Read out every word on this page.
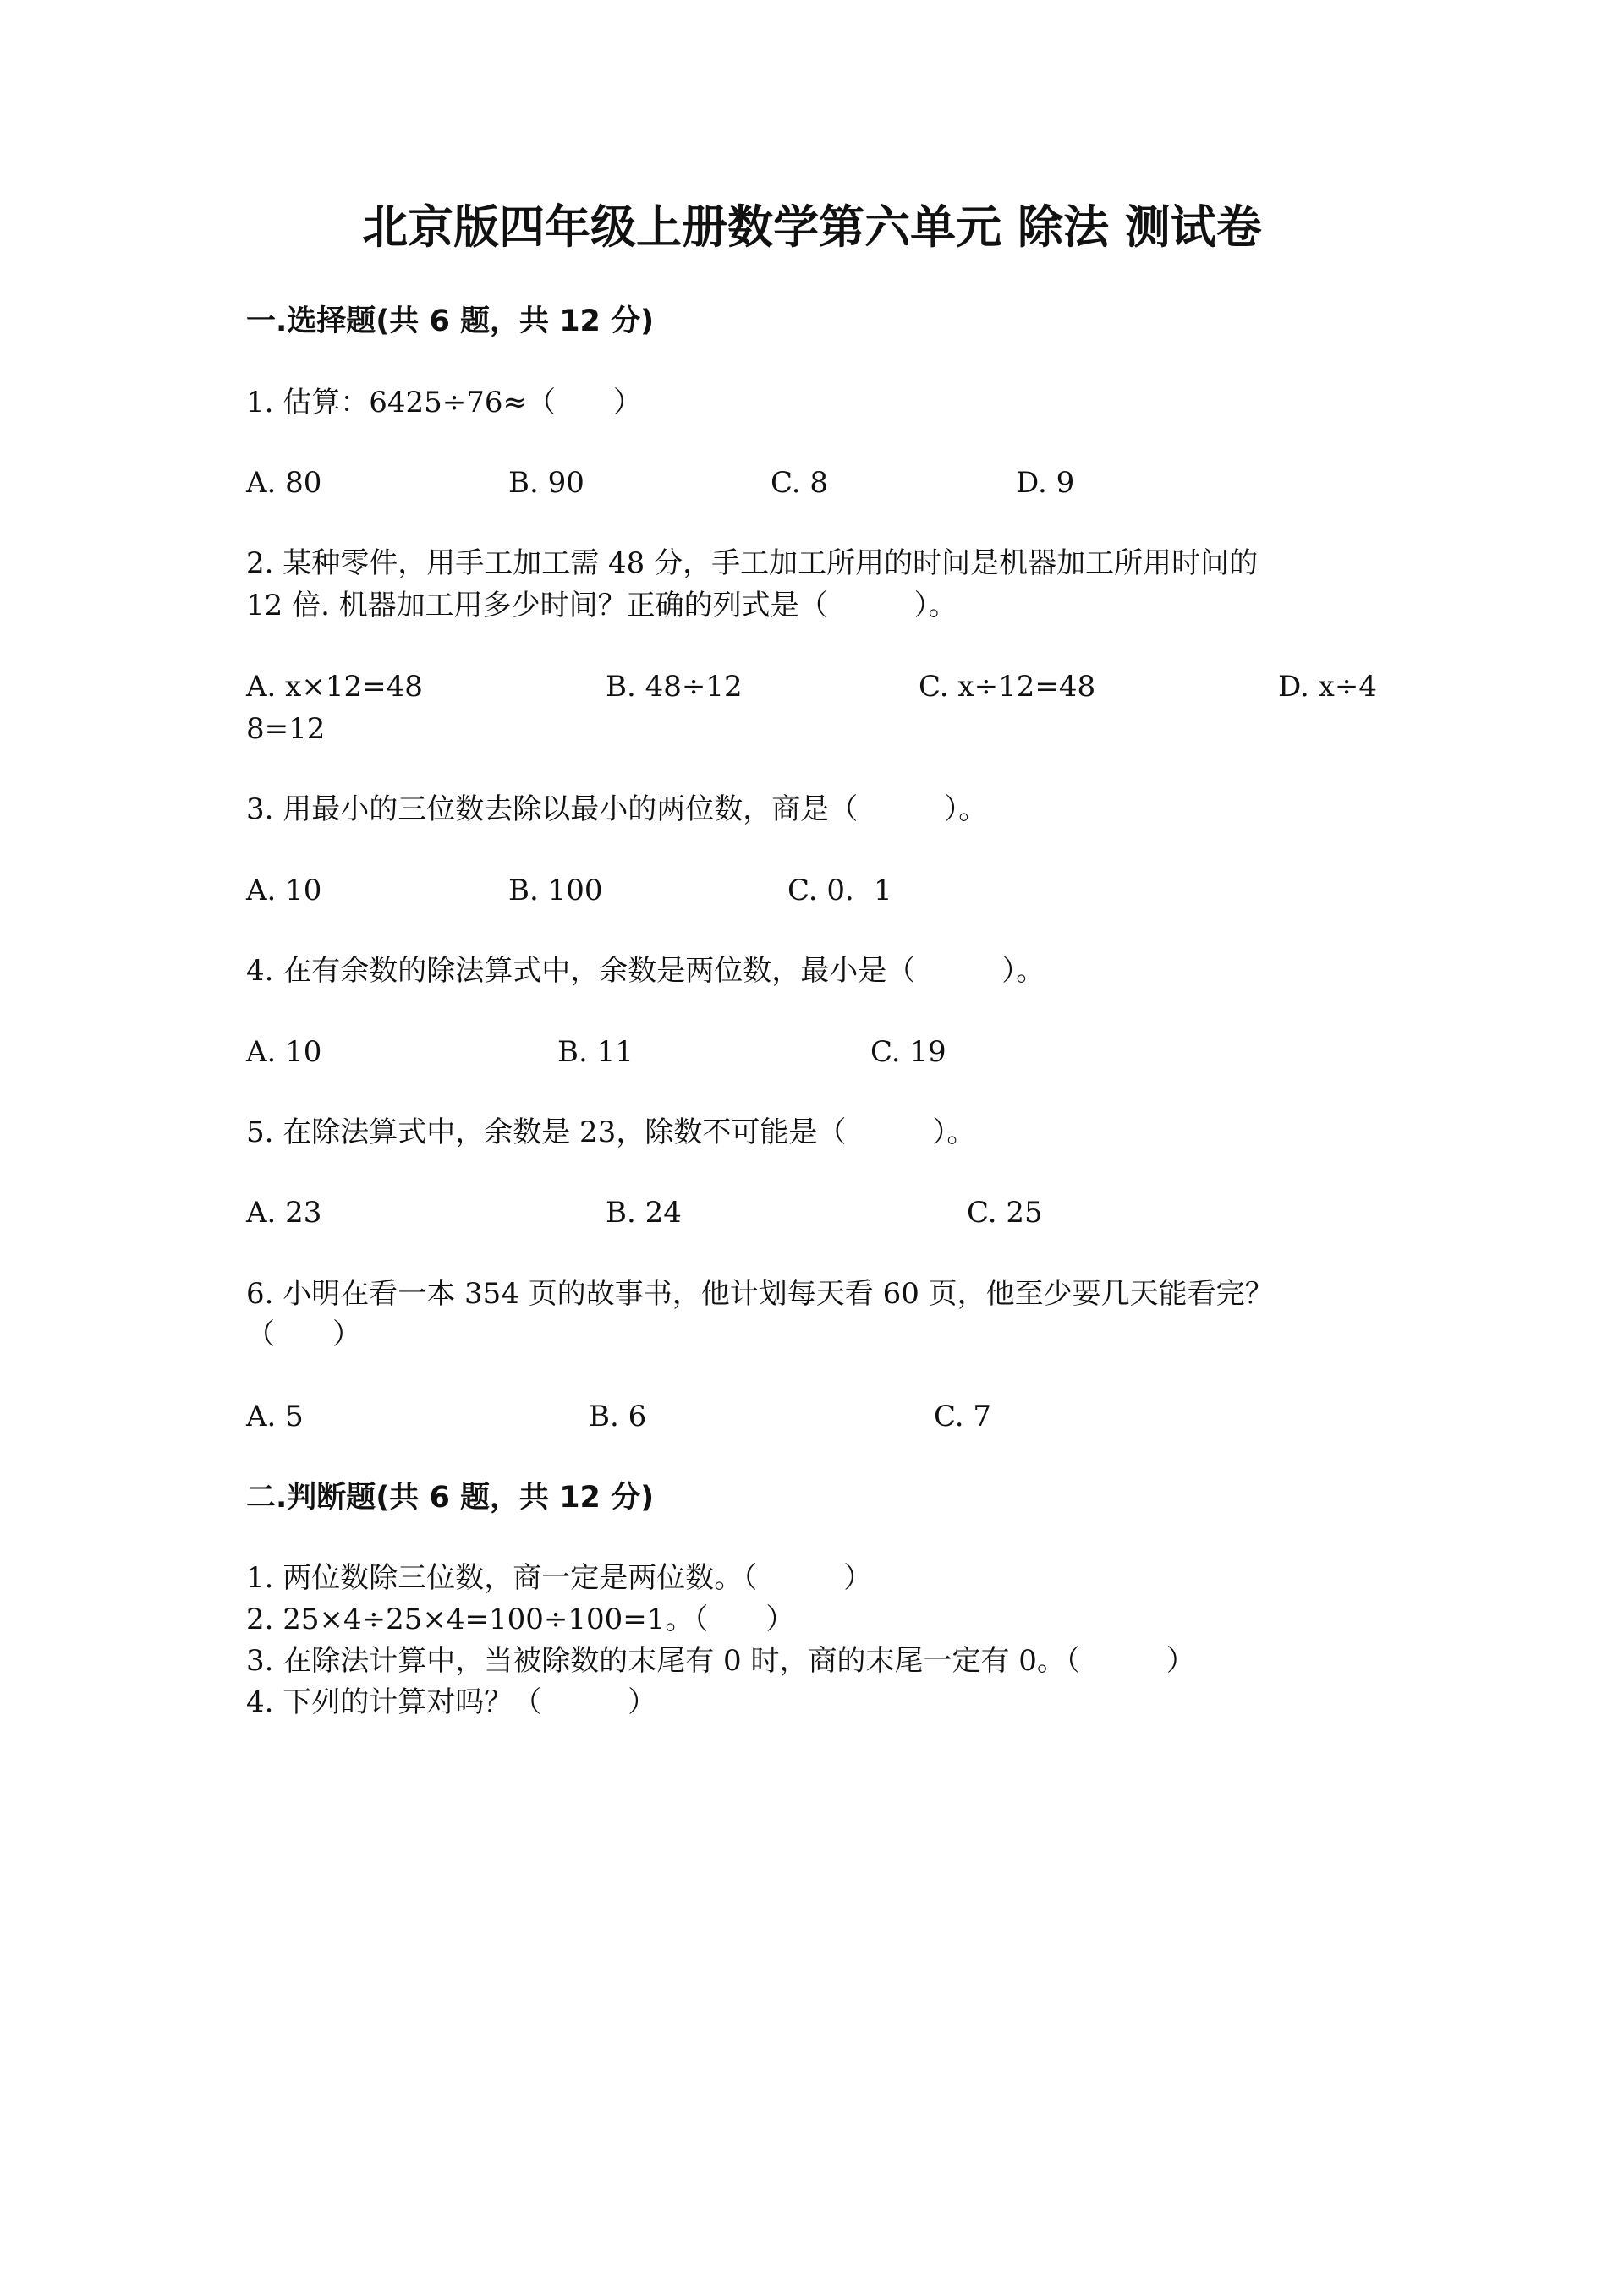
北京版四年级上册数学第六单元 除法 测试卷
一.选择题(共 6 题，共 12 分)
1. 估算：6425÷76≈（　　）
A. 80	B. 90	C. 8	D. 9
2. 某种零件，用手工加工需 48 分，手工加工所用的时间是机器加工所用时间的
12 倍. 机器加工用多少时间？正确的列式是（　　　）。
A. x×12=48	B. 48÷12	C. x÷12=48	D. x÷4
8=12
3. 用最小的三位数去除以最小的两位数，商是（　　　）。
A. 10	B. 100	C. 0．1
4. 在有余数的除法算式中，余数是两位数，最小是（　　　）。
A. 10	B. 11	C. 19
5. 在除法算式中，余数是 23，除数不可能是（　　　）。
A. 23	B. 24	C. 25
6. 小明在看一本 354 页的故事书，他计划每天看 60 页，他至少要几天能看完？
（　　）
A. 5	B. 6	C. 7
二.判断题(共 6 题，共 12 分)
1. 两位数除三位数，商一定是两位数。（　　　）
2. 25×4÷25×4=100÷100=1。（　　）
3. 在除法计算中，当被除数的末尾有 0 时，商的末尾一定有 0。（　　　）
4. 下列的计算对吗？（　　　）
